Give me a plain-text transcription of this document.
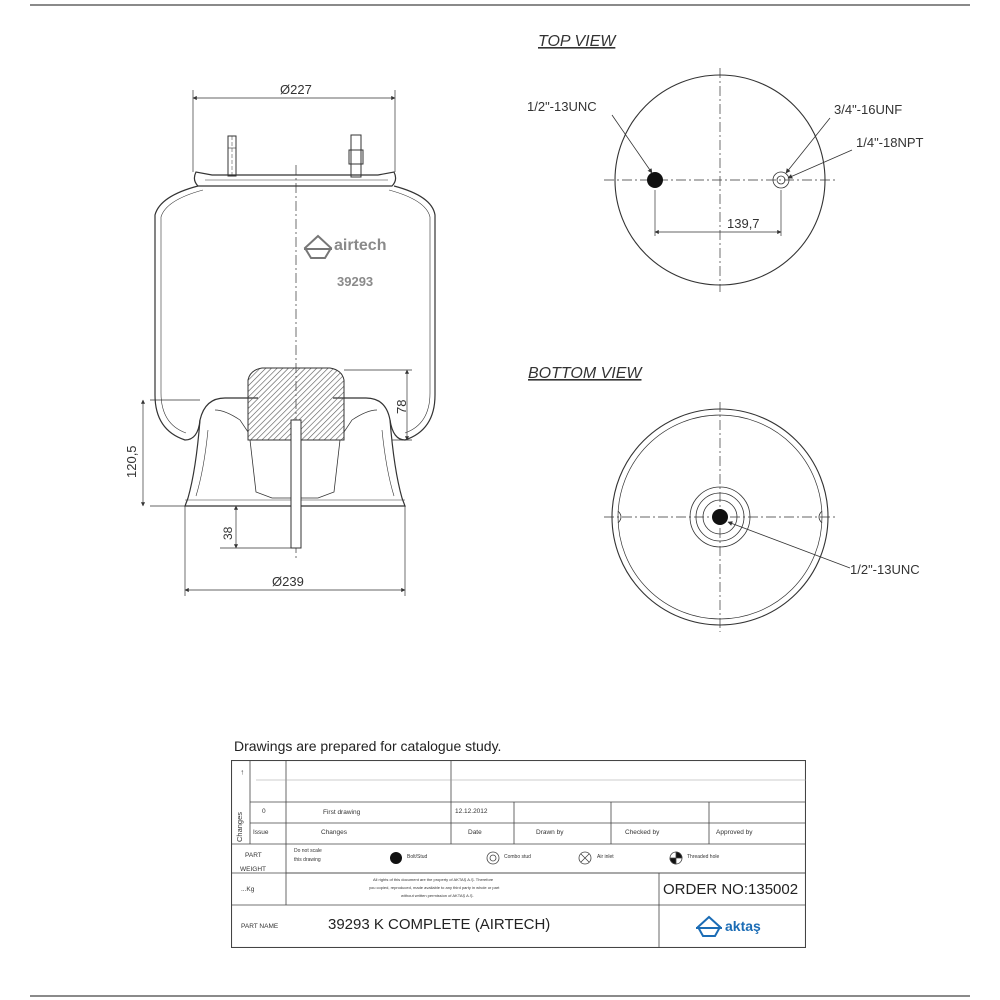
Ø227
Ø239
120,5
78
38
airtech
39293
TOP VIEW
1/2"-13UNC	3/4"-16UNF
1/4"-18NPT
139,7
BOTTOM VIEW
1/2"-13UNC
Drawings are prepared for catalogue study.
Changes
→
0	First drawing	12.12.2012
Issue	Changes	Date	Drawn by	Checked by	Approved by
PART
WEIGHT
...Kg
Do not scale
this drawing	Bolt/Stud	Combo stud	Air inlet	Threaded hole
All rights of this document are the property of AKTAŞ A.Ş. Therefore
you copied, reproduced, made available to any third party in whole or part
without written permission of AKTAŞ A.Ş.	ORDER NO:135002
PART NAME	39293 K COMPLETE (AIRTECH)	aktaş
